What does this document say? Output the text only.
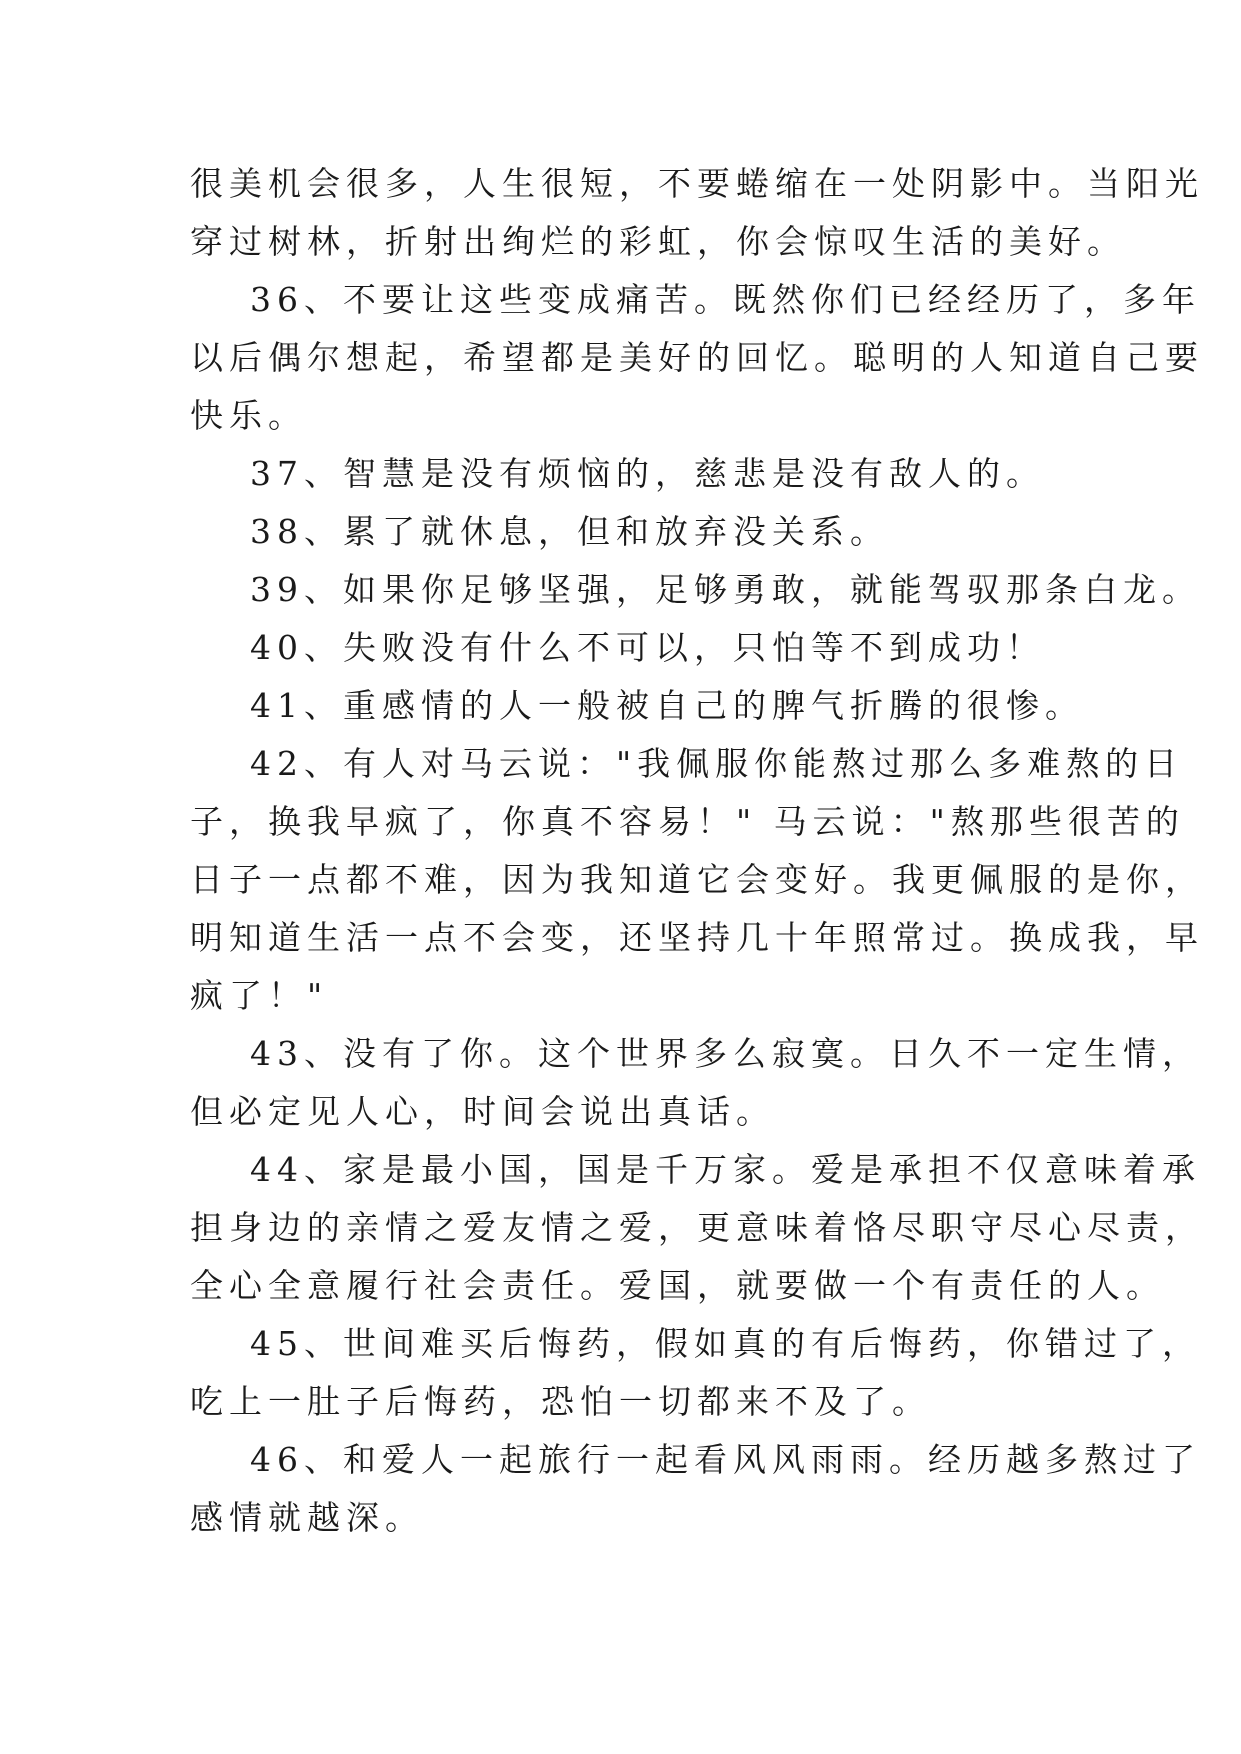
很美机会很多，人生很短，不要蜷缩在一处阴影中。当阳光

穿过树林，折射出绚烂的彩虹，你会惊叹生活的美好。

36、不要让这些变成痛苦。既然你们已经经历了，多年

以后偶尔想起，希望都是美好的回忆。聪明的人知道自己要

快乐。

37、智慧是没有烦恼的，慈悲是没有敌人的。

38、累了就休息，但和放弃没关系。

39、如果你足够坚强，足够勇敢，就能驾驭那条白龙。

40、失败没有什么不可以，只怕等不到成功！

41、重感情的人一般被自己的脾气折腾的很惨。

42、有人对马云说："我佩服你能熬过那么多难熬的日

子，换我早疯了，你真不容易！" 马云说："熬那些很苦的

日子一点都不难，因为我知道它会变好。我更佩服的是你，

明知道生活一点不会变，还坚持几十年照常过。换成我，早

疯了！"

43、没有了你。这个世界多么寂寞。日久不一定生情，

但必定见人心，时间会说出真话。

44、家是最小国，国是千万家。爱是承担不仅意味着承

担身边的亲情之爱友情之爱，更意味着恪尽职守尽心尽责，

全心全意履行社会责任。爱国，就要做一个有责任的人。

45、世间难买后悔药，假如真的有后悔药，你错过了，

吃上一肚子后悔药，恐怕一切都来不及了。

46、和爱人一起旅行一起看风风雨雨。经历越多熬过了

感情就越深。
